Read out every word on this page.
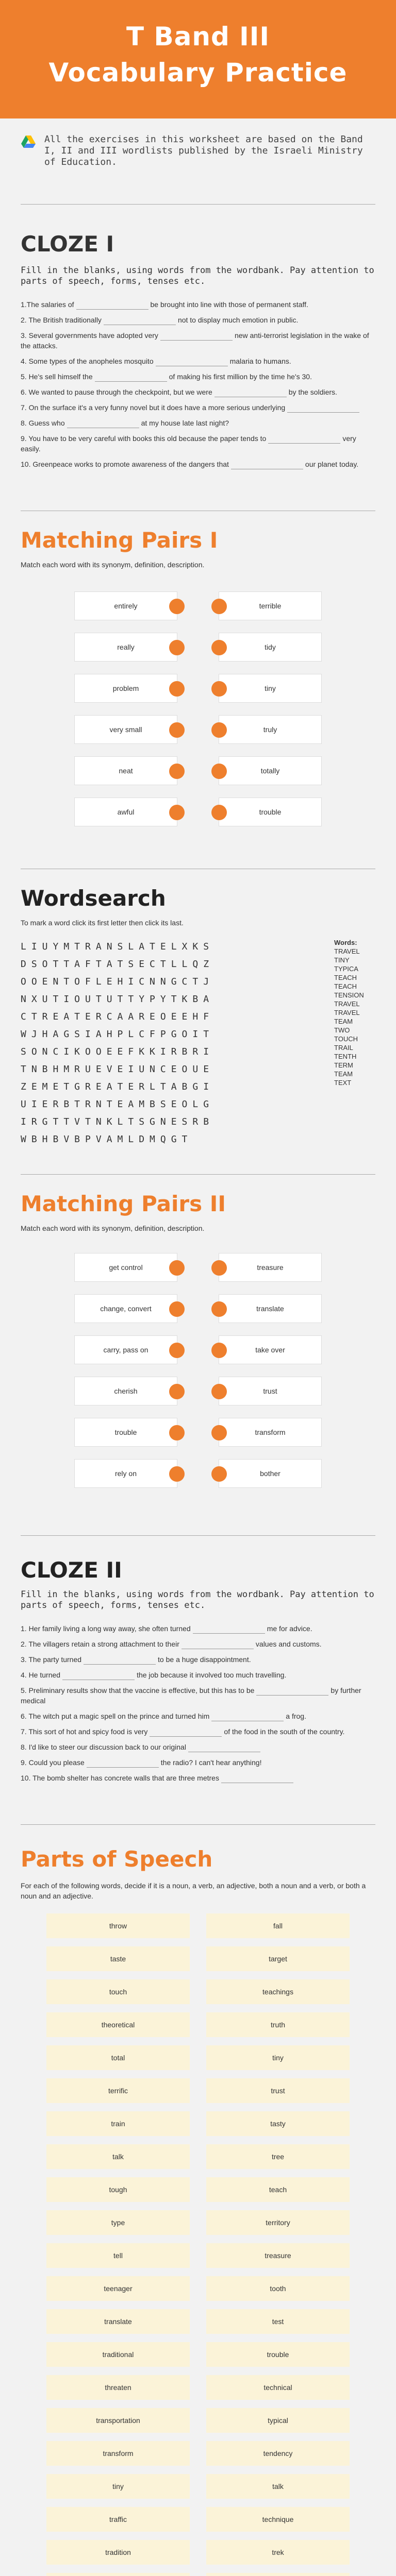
T Band III
Vocabulary Practice

All the exercises in this worksheet are based on the Band I, II and III wordlists published by the Israeli Ministry of Education.

CLOZE I

Fill in the blanks, using words from the wordbank. Pay attention to parts of speech, forms, tenses etc.

1.The salaries of	be brought into line with those of permanent staff.

2. The British traditionally	not to display much emotion in public.

3. Several governments have adopted very	new anti-terrorist legislation in the wake of the attacks.

4. Some types of the anopheles mosquito	malaria to humans.

5. He's sell himself the	of making his first million by the time he's 30.

6. We wanted to pause through the checkpoint, but we were	by the soldiers.

7. On the surface it's a very funny novel but it does have a more serious underlying

8. Guess who	at my house late last night?

9. You have to be very careful with books this old because the paper tends to	very easily.

10. Greenpeace works to promote awareness of the dangers that	our planet today.

Matching Pairs I

Match each word with its synonym, definition, description.

entirely	terrible
really	tidy
problem	tiny
very small	truly
neat	totally
awful	trouble
Wordsearch

To mark a word click its first letter then click its last.

LIUYMTRANSLATELXKS
DSOTTAFTATSECTLLQZ
OOENTOFLEHICNNGCTJ
NXUTIOUTUTTYPYTKBA
CTREATERCAAREOEEHF
WJHAGSIAHPLCFPGOIT
SONCIKOOEEFKKIRBRI
TNBHMRUEVEIUNCEOUE
ZEMETGREATERLTABGI
UIERBTRNTEAMBSEOLG
IRGTTVTNKLTSGNESRB
WBHBVBPVAMLDMQGT
Words:
TRAVEL
TINY
TYPICA
TEACH
TEACH
TENSION
TRAVEL
TRAVEL
TEAM
TWO
TOUCH
TRAIL
TENTH
TERM
TEAM
TEXT
Matching Pairs II

Match each word with its synonym, definition, description.

get control	treasure
change, convert	translate
carry, pass on	take over
cherish	trust
trouble	transform
rely on	bother
CLOZE II

Fill in the blanks, using words from the wordbank. Pay attention to parts of speech, forms, tenses etc.

1. Her family living a long way away, she often turned	me for advice.

2. The villagers retain a strong attachment to their	values and customs.

3. The party turned	to be a huge disappointment.

4. He turned	the job because it involved too much travelling.

5. Preliminary results show that the vaccine is effective, but this has to be	by further medical

6. The witch put a magic spell on the prince and turned him	a frog.

7. This sort of hot and spicy food is very	of the food in the south of the country.

8. I'd like to steer our discussion back to our original

9. Could you please	the radio? I can't hear anything!

10. The bomb shelter has concrete walls that are three metres

Parts of Speech

For each of the following words, decide if it is a noun, a verb, an adjective, both a noun and a verb, or both a noun and an adjective.

throw	fall
taste	target
touch	teachings
theoretical	truth
total	tiny
terrific	trust
train	tasty
talk	tree
tough	teach
type	territory
tell	treasure
teenager	tooth
translate	test
traditional	trouble
threaten	technical
transportation	typical
transform	tendency
tiny	talk
traffic	technique
tradition	trek
